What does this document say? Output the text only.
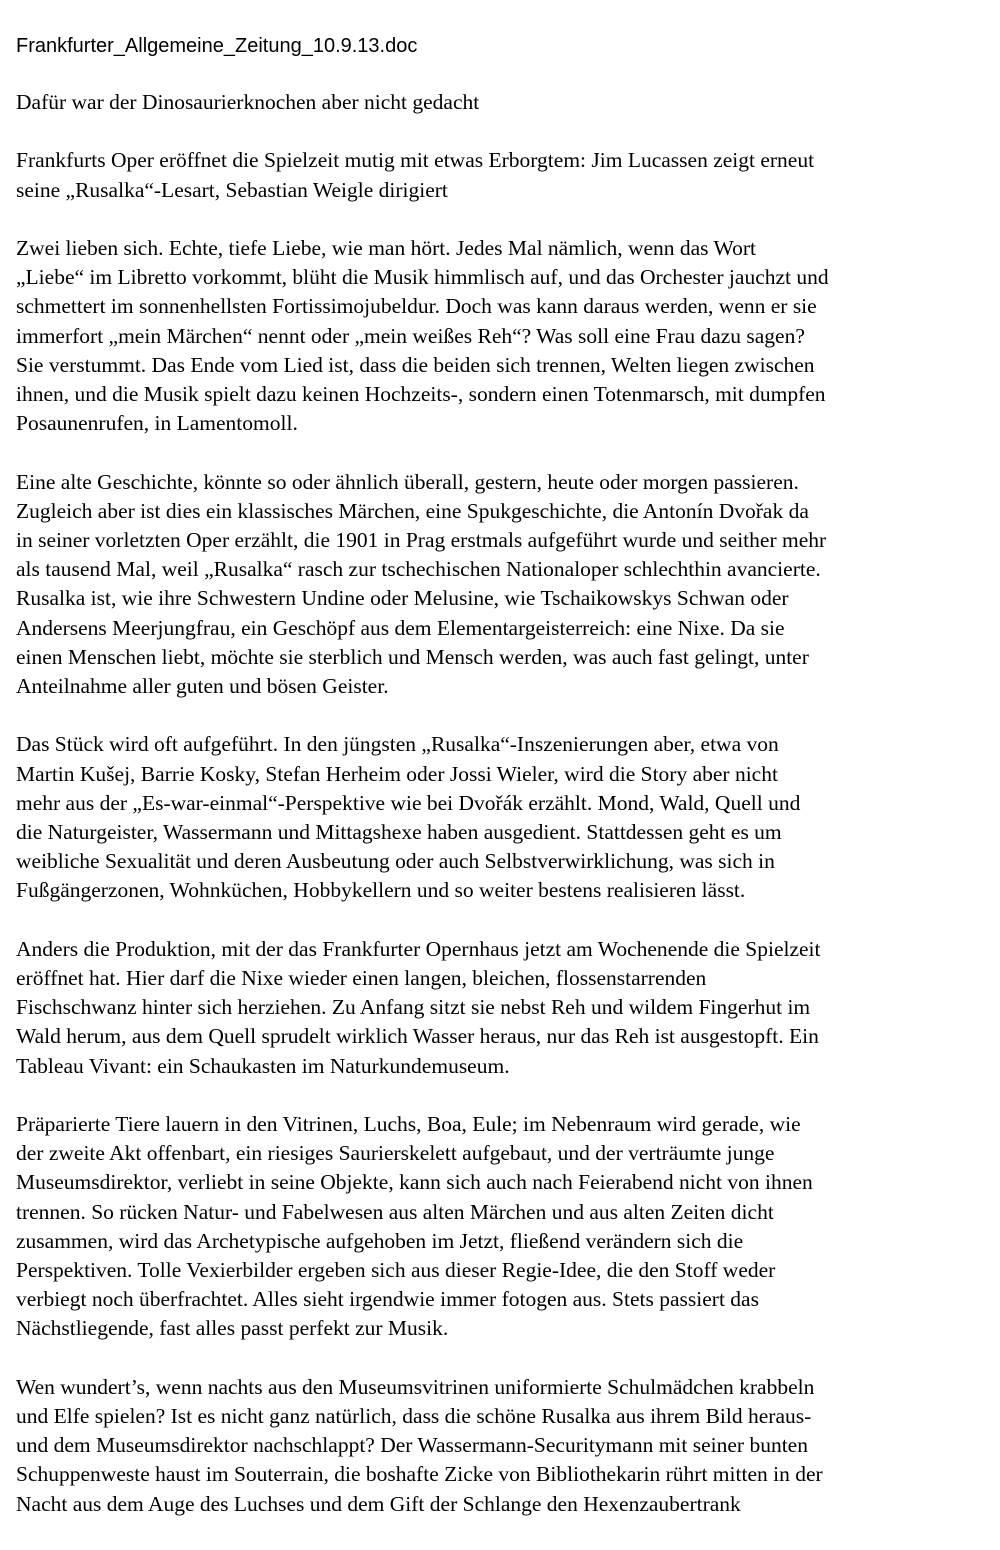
Frankfurter_Allgemeine_Zeitung_10.9.13.doc

Dafür war der Dinosaurierknochen aber nicht gedacht

Frankfurts Oper eröffnet die Spielzeit mutig mit etwas Erborgtem: Jim Lucassen zeigt erneut
seine „Rusalka“-Lesart, Sebastian Weigle dirigiert

Zwei lieben sich. Echte, tiefe Liebe, wie man hört. Jedes Mal nämlich, wenn das Wort
„Liebe“ im Libretto vorkommt, blüht die Musik himmlisch auf, und das Orchester jauchzt und
schmettert im sonnenhellsten Fortissimojubeldur. Doch was kann daraus werden, wenn er sie
immerfort „mein Märchen“ nennt oder „mein weißes Reh“? Was soll eine Frau dazu sagen?
Sie verstummt. Das Ende vom Lied ist, dass die beiden sich trennen, Welten liegen zwischen
ihnen, und die Musik spielt dazu keinen Hochzeits-, sondern einen Totenmarsch, mit dumpfen
Posaunenrufen, in Lamentomoll.

Eine alte Geschichte, könnte so oder ähnlich überall, gestern, heute oder morgen passieren.
Zugleich aber ist dies ein klassisches Märchen, eine Spukgeschichte, die Antonín Dvořak da
in seiner vorletzten Oper erzählt, die 1901 in Prag erstmals aufgeführt wurde und seither mehr
als tausend Mal, weil „Rusalka“ rasch zur tschechischen Nationaloper schlechthin avancierte.
Rusalka ist, wie ihre Schwestern Undine oder Melusine, wie Tschaikowskys Schwan oder
Andersens Meerjungfrau, ein Geschöpf aus dem Elementargeisterreich: eine Nixe. Da sie
einen Menschen liebt, möchte sie sterblich und Mensch werden, was auch fast gelingt, unter
Anteilnahme aller guten und bösen Geister.

Das Stück wird oft aufgeführt. In den jüngsten „Rusalka“-Inszenierungen aber, etwa von
Martin Kušej, Barrie Kosky, Stefan Herheim oder Jossi Wieler, wird die Story aber nicht
mehr aus der „Es-war-einmal“-Perspektive wie bei Dvořák erzählt. Mond, Wald, Quell und
die Naturgeister, Wassermann und Mittagshexe haben ausgedient. Stattdessen geht es um
weibliche Sexualität und deren Ausbeutung oder auch Selbstverwirklichung, was sich in
Fußgängerzonen, Wohnküchen, Hobbykellern und so weiter bestens realisieren lässt.

Anders die Produktion, mit der das Frankfurter Opernhaus jetzt am Wochenende die Spielzeit
eröffnet hat. Hier darf die Nixe wieder einen langen, bleichen, flossenstarrenden
Fischschwanz hinter sich herziehen. Zu Anfang sitzt sie nebst Reh und wildem Fingerhut im
Wald herum, aus dem Quell sprudelt wirklich Wasser heraus, nur das Reh ist ausgestopft. Ein
Tableau Vivant: ein Schaukasten im Naturkundemuseum.

Präparierte Tiere lauern in den Vitrinen, Luchs, Boa, Eule; im Nebenraum wird gerade, wie
der zweite Akt offenbart, ein riesiges Saurierskelett aufgebaut, und der verträumte junge
Museumsdirektor, verliebt in seine Objekte, kann sich auch nach Feierabend nicht von ihnen
trennen. So rücken Natur- und Fabelwesen aus alten Märchen und aus alten Zeiten dicht
zusammen, wird das Archetypische aufgehoben im Jetzt, fließend verändern sich die
Perspektiven. Tolle Vexierbilder ergeben sich aus dieser Regie-Idee, die den Stoff weder
verbiegt noch überfrachtet. Alles sieht irgendwie immer fotogen aus. Stets passiert das
Nächstliegende, fast alles passt perfekt zur Musik.

Wen wundert’s, wenn nachts aus den Museumsvitrinen uniformierte Schulmädchen krabbeln
und Elfe spielen? Ist es nicht ganz natürlich, dass die schöne Rusalka aus ihrem Bild heraus-
und dem Museumsdirektor nachschlappt? Der Wassermann-Securitymann mit seiner bunten
Schuppenweste haust im Souterrain, die boshafte Zicke von Bibliothekarin rührt mitten in der
Nacht aus dem Auge des Luchses und dem Gift der Schlange den Hexenzaubertrank
